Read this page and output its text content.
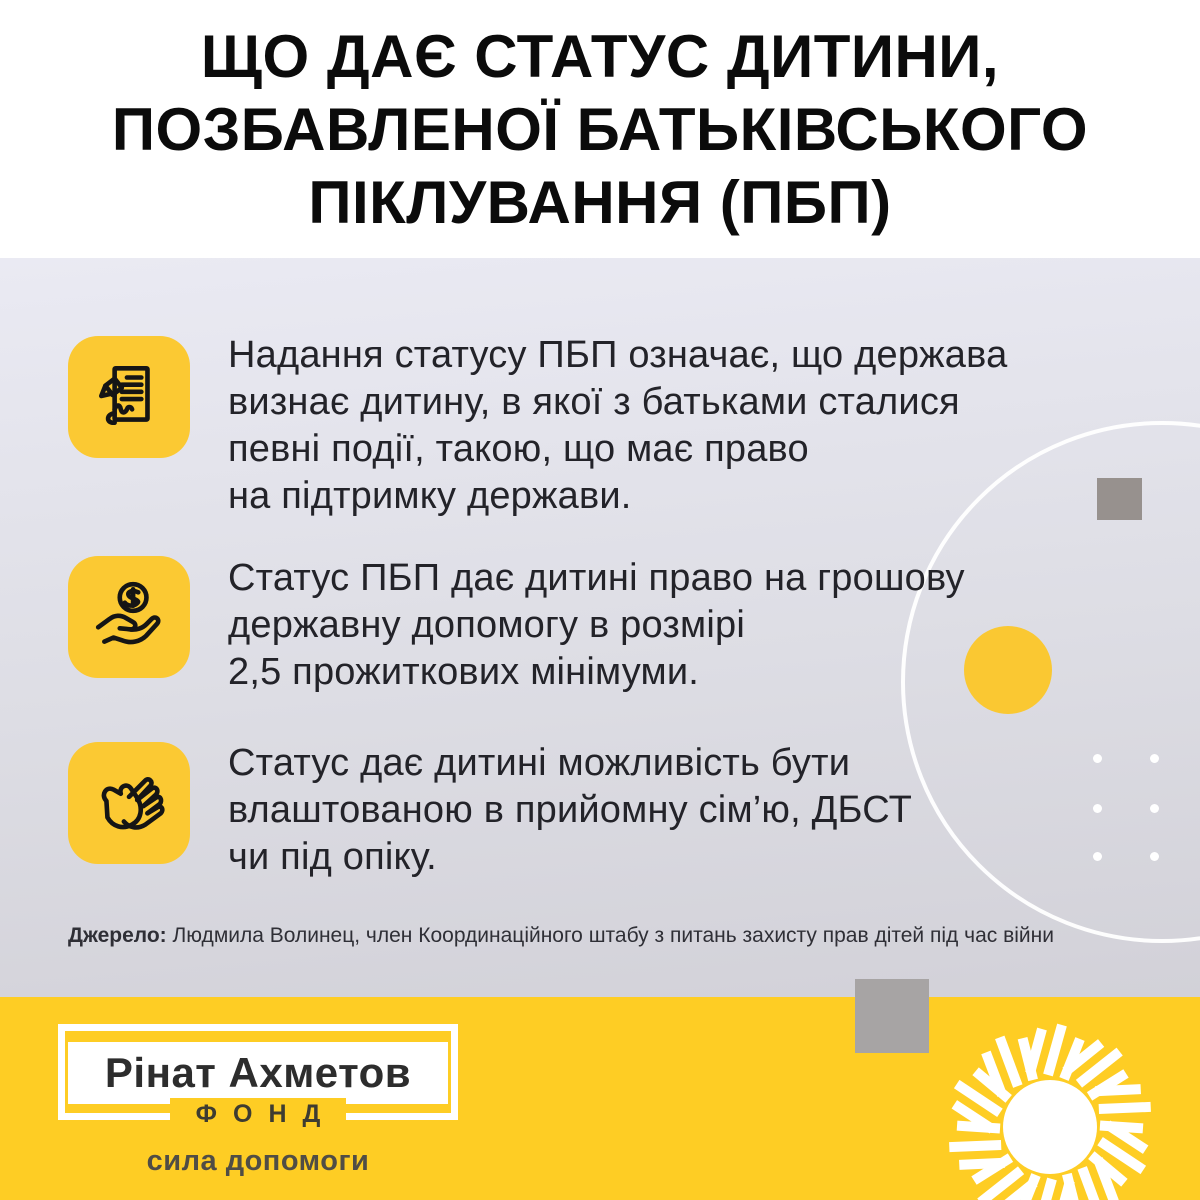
ЩО ДАЄ СТАТУС ДИТИНИ,
ПОЗБАВЛЕНОЇ БАТЬКІВСЬКОГО
ПІКЛУВАННЯ (ПБП)
Надання статусу ПБП означає, що держава
визнає дитину, в якої з батьками сталися
певні події, такою, що має право
на підтримку держави.
Статус ПБП дає дитині право на грошову
державну допомогу в розмірі
2,5 прожиткових мінімуми.
Статус дає дитині можливість бути
влаштованою в прийомну сім’ю, ДБСТ
чи під опіку.
Джерело: Людмила Волинец, член Координаційного штабу з питань захисту прав дітей під час війни
Рінат Ахметов
ФОНД
сила допомоги
